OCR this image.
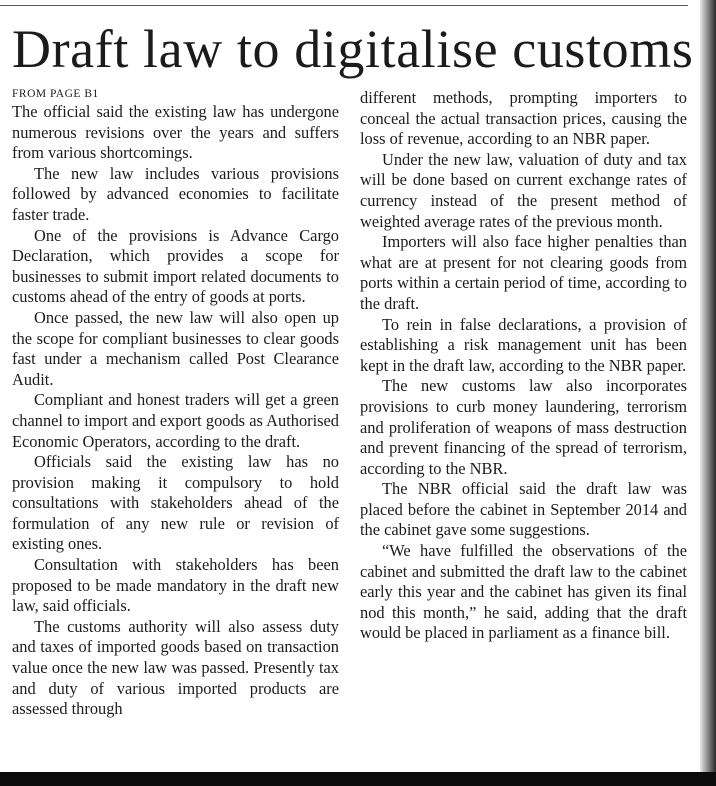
Draft law to digitalise customs
FROM PAGE B1

The official said the existing law has undergone numerous revisions over the years and suffers from various shortcomings.

The new law includes various provisions followed by advanced economies to facilitate faster trade.

One of the provisions is Advance Cargo Declaration, which provides a scope for businesses to submit import related documents to customs ahead of the entry of goods at ports.

Once passed, the new law will also open up the scope for compliant businesses to clear goods fast under a mechanism called Post Clearance Audit.

Compliant and honest traders will get a green channel to import and export goods as Authorised Economic Operators, according to the draft.

Officials said the existing law has no provision making it compulsory to hold consultations with stakeholders ahead of the formulation of any new rule or revision of existing ones.

Consultation with stakeholders has been proposed to be made mandatory in the draft new law, said officials.

The customs authority will also assess duty and taxes of imported goods based on transaction value once the new law was passed. Presently tax and duty of various imported products are assessed through

different methods, prompting importers to conceal the actual transaction prices, causing the loss of revenue, according to an NBR paper.

Under the new law, valuation of duty and tax will be done based on current exchange rates of currency instead of the present method of weighted average rates of the previous month.

Importers will also face higher penalties than what are at present for not clearing goods from ports within a certain period of time, according to the draft.

To rein in false declarations, a provision of establishing a risk management unit has been kept in the draft law, according to the NBR paper.

The new customs law also incorporates provisions to curb money laundering, terrorism and proliferation of weapons of mass destruction and prevent financing of the spread of terrorism, according to the NBR.

The NBR official said the draft law was placed before the cabinet in September 2014 and the cabinet gave some suggestions.

“We have fulfilled the observations of the cabinet and submitted the draft law to the cabinet early this year and the cabinet has given its final nod this month,” he said, adding that the draft would be placed in parliament as a finance bill.
